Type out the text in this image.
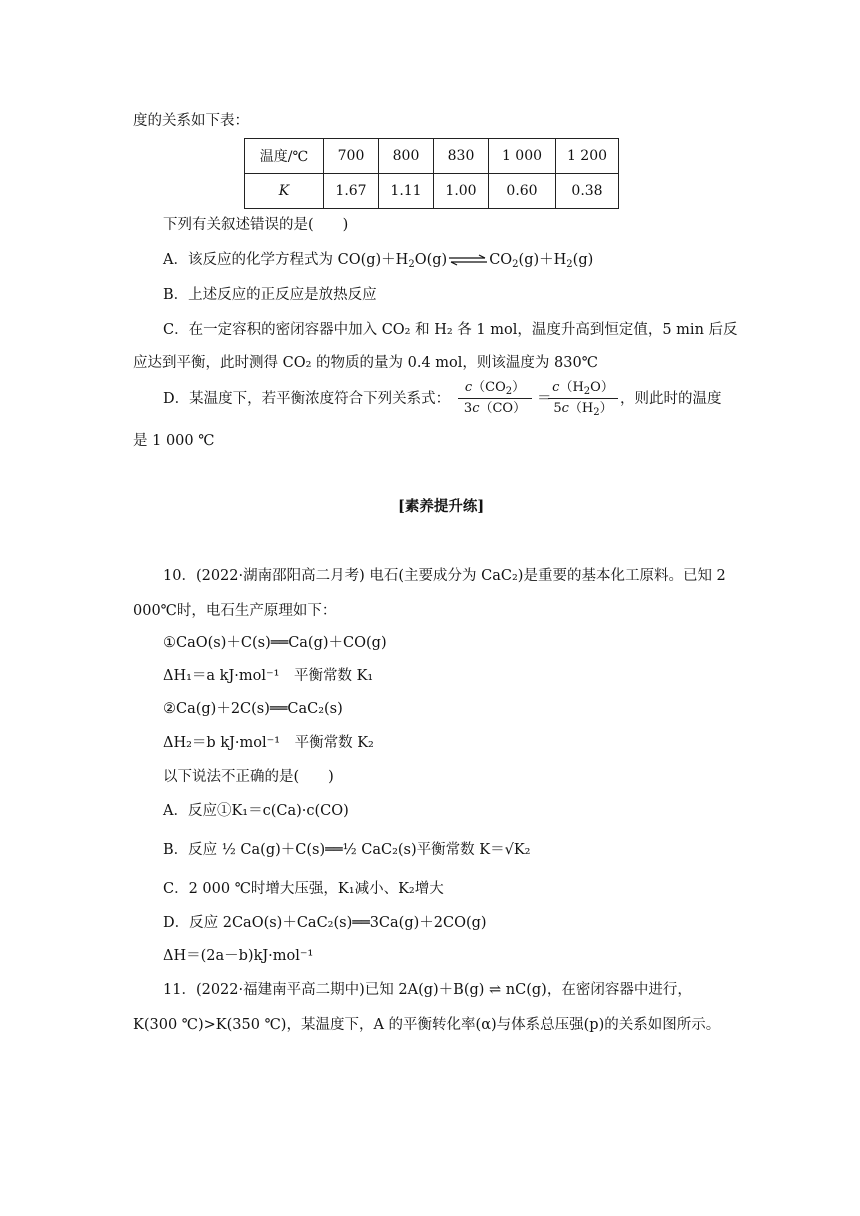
度的关系如下表：
温度/℃	700	800	830	1 000	1 200
K	1.67	1.11	1.00	0.60	0.38
下列有关叙述错误的是(　　)
A．该反应的化学方程式为 $CO(g)+H_2O(g)\rightleftharpoons CO_2(g)+H_2(g)$
B．上述反应的正反应是放热反应
C．在一定容积的密闭容器中加入 CO₂ 和 H₂ 各 1 mol，温度升高到恒定值，5 min 后反
应达到平衡，此时测得 CO₂ 的物质的量为 0.4 mol，则该温度为 830℃
D．某温度下，若平衡浓度符合下列关系式：
$c(CO_2)$
3c（CO）
＝
$c(H_2O)$
$5c(H_2)$
，则此时的温度
是 1 000 ℃
[素养提升练]
10．(2022·湖南邵阳高二月考) 电石(主要成分为 CaC₂)是重要的基本化工原料。已知 2
000℃时，电石生产原理如下：
①CaO(s)＋C(s)══Ca(g)＋CO(g)
ΔH₁＝a kJ·mol⁻¹　平衡常数 K₁
②Ca(g)＋2C(s)══CaC₂(s)
ΔH₂＝b kJ·mol⁻¹　平衡常数 K₂
以下说法不正确的是(　　)
A．反应①K₁＝c(Ca)·c(CO)
B．反应 ½ Ca(g)＋C(s)══½ CaC₂(s)平衡常数 K＝√K₂
C．2 000 ℃时增大压强，K₁减小、K₂增大
D．反应 2CaO(s)＋CaC₂(s)══3Ca(g)＋2CO(g)
ΔH＝(2a－b)kJ·mol⁻¹
11．(2022·福建南平高二期中)已知 2A(g)＋B(g) ⇌ nC(g)，在密闭容器中进行，
K(300 ℃)>K(350 ℃)，某温度下，A 的平衡转化率(α)与体系总压强(p)的关系如图所示。
